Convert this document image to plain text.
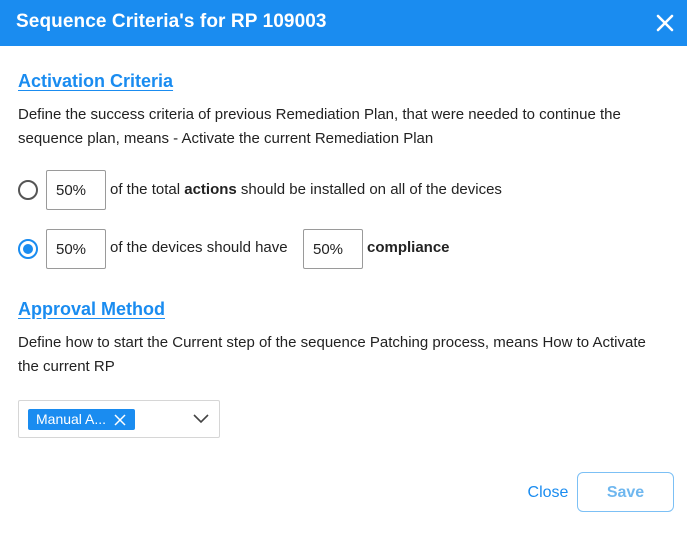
Sequence Criteria's for RP 109003
Activation Criteria
Define the success criteria of previous Remediation Plan, that were needed to continue the sequence plan, means - Activate the current Remediation Plan
50%
of the total actions should be installed on all of the devices
50%
of the devices should have
50%	compliance
Approval Method
Define how to start the Current step of the sequence Patching process, means How to Activate the current RP
Manual A...
Close	Save
